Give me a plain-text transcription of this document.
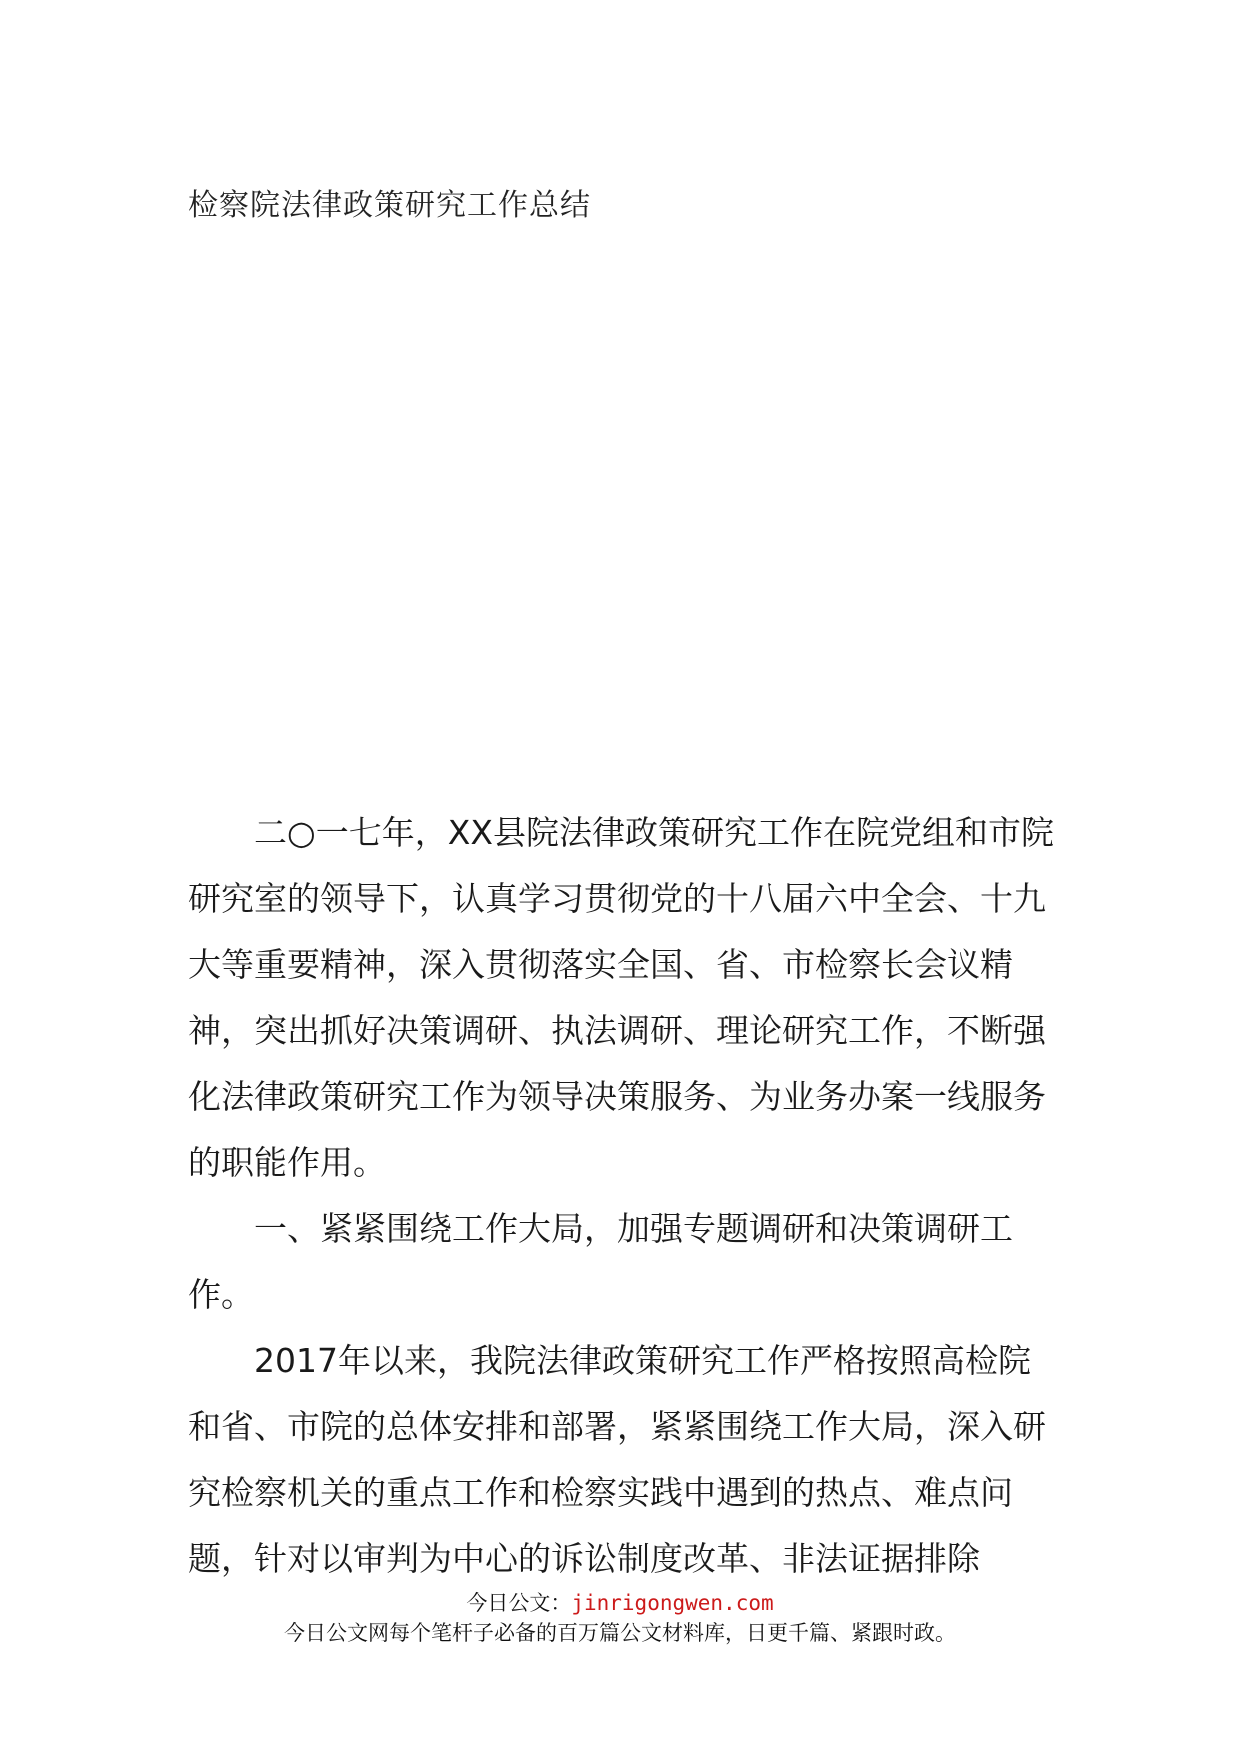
检察院法律政策研究工作总结

二○一七年，XX县院法律政策研究工作在院党组和市院研究室的领导下，认真学习贯彻党的十八届六中全会、十九大等重要精神，深入贯彻落实全国、省、市检察长会议精神，突出抓好决策调研、执法调研、理论研究工作，不断强化法律政策研究工作为领导决策服务、为业务办案一线服务的职能作用。

一、紧紧围绕工作大局，加强专题调研和决策调研工作。

2017年以来，我院法律政策研究工作严格按照高检院和省、市院的总体安排和部署，紧紧围绕工作大局，深入研究检察机关的重点工作和检察实践中遇到的热点、难点问题，针对以审判为中心的诉讼制度改革、非法证据排除

今日公文：jinrigongwen.com
今日公文网每个笔杆子必备的百万篇公文材料库，日更千篇、紧跟时政。
